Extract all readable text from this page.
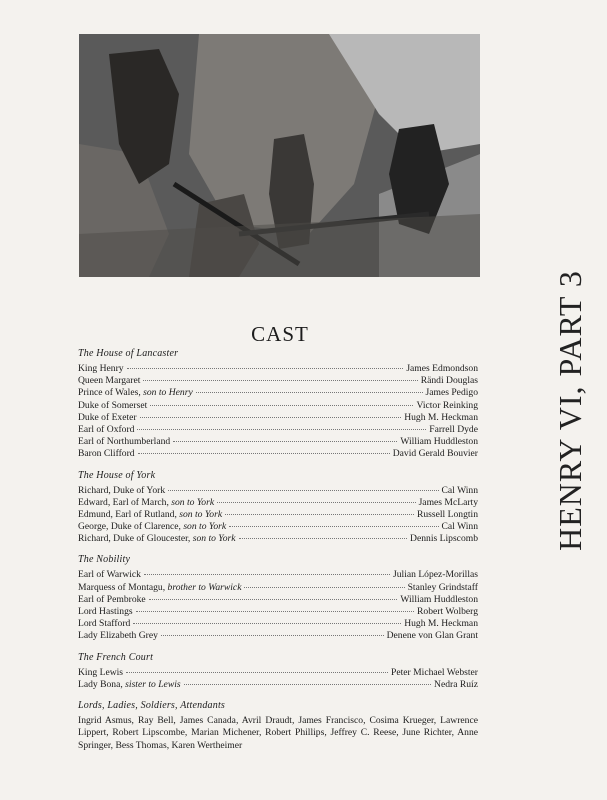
HENRY VI, PART 3
CAST
The House of Lancaster
King Henry	James Edmondson
Queen Margaret	Rändi Douglas
Prince of Wales, son to Henry	James Pedigo
Duke of Somerset	Victor Reinking
Duke of Exeter	Hugh M. Heckman
Earl of Oxford	Farrell Dyde
Earl of Northumberland	William Huddleston
Baron Clifford	David Gerald Bouvier
The House of York
Richard, Duke of York	Cal Winn
Edward, Earl of March, son to York	James McLarty
Edmund, Earl of Rutland, son to York	Russell Longtin
George, Duke of Clarence, son to York	Cal Winn
Richard, Duke of Gloucester, son to York	Dennis Lipscomb
The Nobility
Earl of Warwick	Julian López-Morillas
Marquess of Montagu, brother to Warwick	Stanley Grindstaff
Earl of Pembroke	William Huddleston
Lord Hastings	Robert Wolberg
Lord Stafford	Hugh M. Heckman
Lady Elizabeth Grey	Denene von Glan Grant
The French Court
King Lewis	Peter Michael Webster
Lady Bona, sister to Lewis	Nedra Ruíz
Lords, Ladies, Soldiers, Attendants
Ingrid Asmus, Ray Bell, James Canada, Avril Draudt, James Francisco, Cosima Krueger, Lawrence Lippert, Robert Lipscombe, Marian Michener, Robert Phillips, Jeffrey C. Reese, June Richter, Anne Springer, Bess Thomas, Karen Wertheimer
